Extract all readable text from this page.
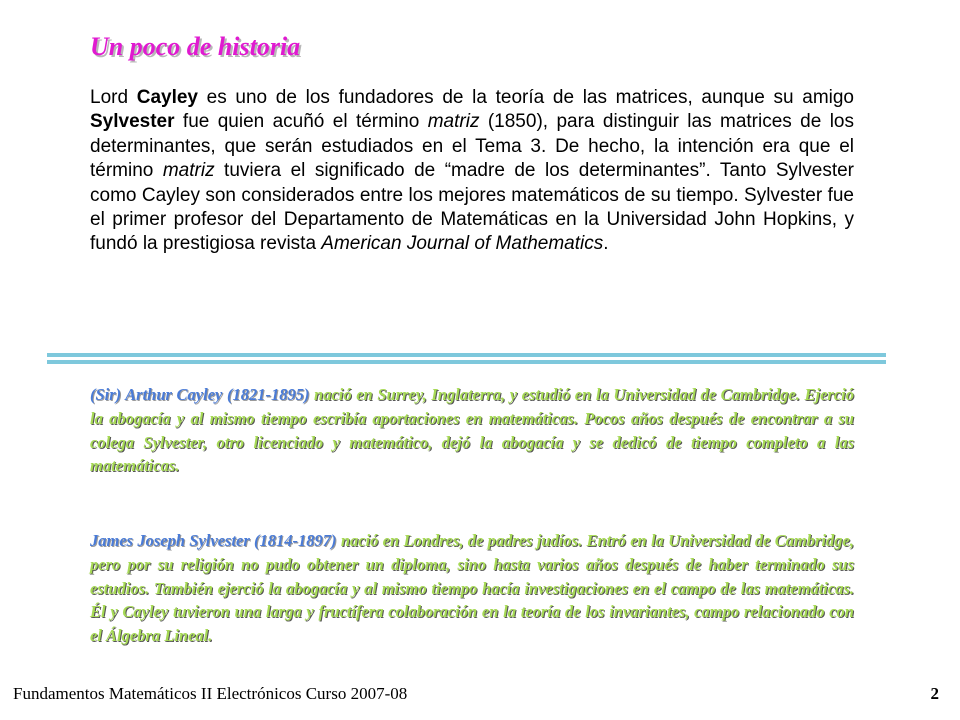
Un poco de historia

Lord Cayley es uno de los fundadores de la teoría de las matrices, aunque su amigo Sylvester fue quien acuñó el término matriz (1850), para distinguir las matrices de los determinantes, que serán estudiados en el Tema 3. De hecho, la intención era que el término matriz tuviera el significado de “madre de los determinantes”. Tanto Sylvester como Cayley son considerados entre los mejores matemáticos de su tiempo. Sylvester fue el primer profesor del Departamento de Matemáticas en la Universidad John Hopkins, y fundó la prestigiosa revista American Journal of Mathematics.

(Sir) Arthur Cayley (1821-1895) nació en Surrey, Inglaterra, y estudió en la Universidad de Cambridge. Ejerció la abogacía y al mismo tiempo escribía aportaciones en matemáticas. Pocos años después de encontrar a su colega Sylvester, otro licenciado y matemático, dejó la abogacía y se dedicó de tiempo completo a las matemáticas.

James Joseph Sylvester (1814-1897) nació en Londres, de padres judíos. Entró en la Universidad de Cambridge, pero por su religión no pudo obtener un diploma, sino hasta varios años después de haber terminado sus estudios. También ejerció la abogacía y al mismo tiempo hacía investigaciones en el campo de las matemáticas. Él y Cayley tuvieron una larga y fructífera colaboración en la teoría de los invariantes, campo relacionado con el Álgebra Lineal.

Fundamentos Matemáticos II Electrónicos Curso 2007-08	2
